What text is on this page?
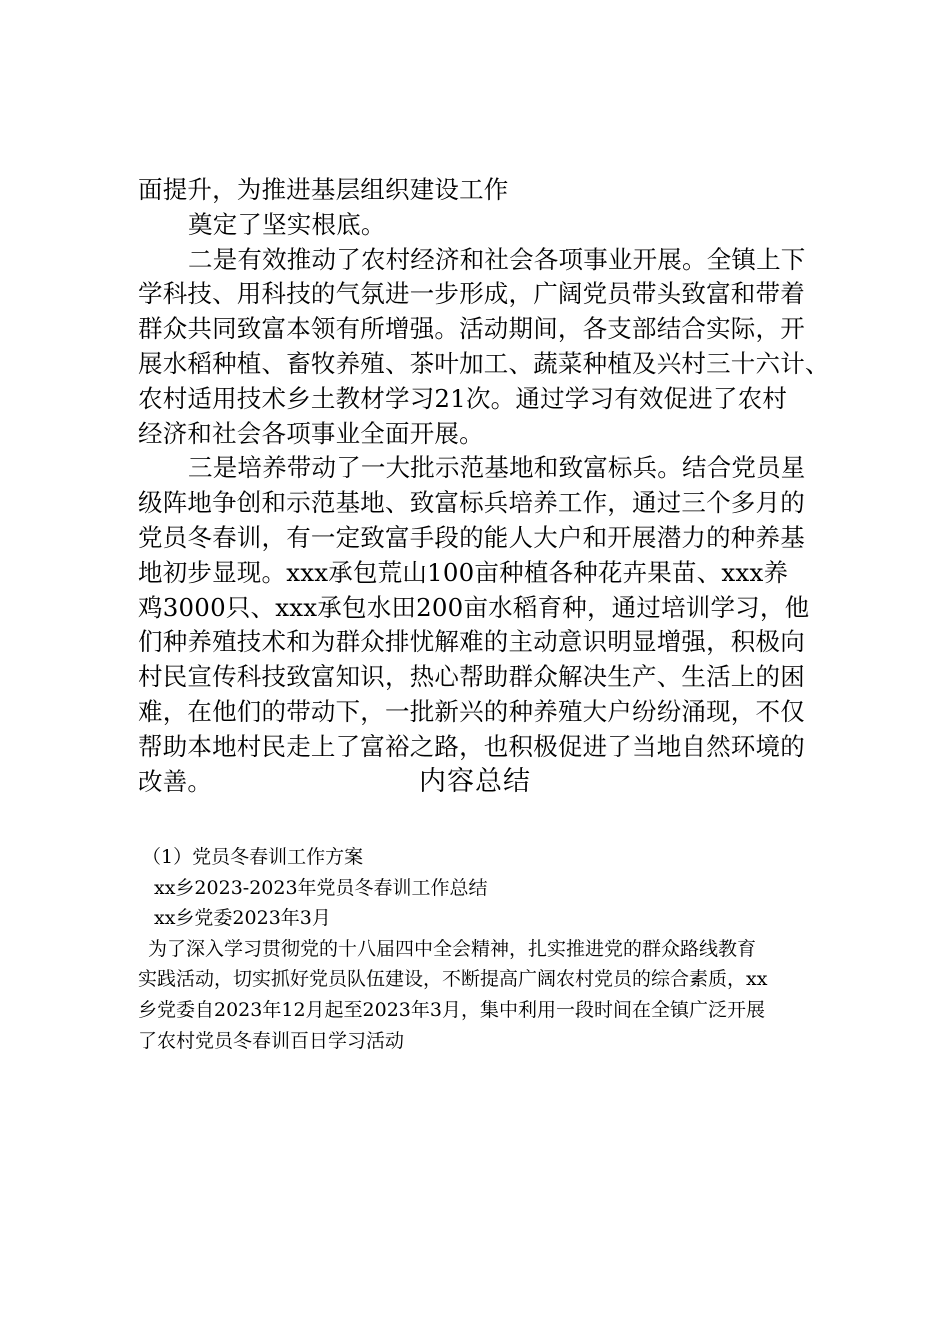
面提升，为推进基层组织建设工作
奠定了坚实根底。
二是有效推动了农村经济和社会各项事业开展。全镇上下
学科技、用科技的气氛进一步形成，广阔党员带头致富和带着
群众共同致富本领有所增强。活动期间，各支部结合实际，开
展水稻种植、畜牧养殖、茶叶加工、蔬菜种植及兴村三十六计、
农村适用技术乡土教材学习21次。通过学习有效促进了农村
经济和社会各项事业全面开展。
三是培养带动了一大批示范基地和致富标兵。结合党员星
级阵地争创和示范基地、致富标兵培养工作，通过三个多月的
党员冬春训，有一定致富手段的能人大户和开展潜力的种养基
地初步显现。xxx承包荒山100亩种植各种花卉果苗、xxx养
鸡3000只、xxx承包水田200亩水稻育种，通过培训学习，他
们种养殖技术和为群众排忧解难的主动意识明显增强，积极向
村民宣传科技致富知识，热心帮助群众解决生产、生活上的困
难，在他们的带动下，一批新兴的种养殖大户纷纷涌现，不仅
帮助本地村民走上了富裕之路，也积极促进了当地自然环境的
改善。	内容总结
（1）党员冬春训工作方案
xx乡2023-2023年党员冬春训工作总结
xx乡党委2023年3月
为了深入学习贯彻党的十八届四中全会精神，扎实推进党的群众路线教育
实践活动，切实抓好党员队伍建设，不断提高广阔农村党员的综合素质，xx
乡党委自2023年12月起至2023年3月，集中利用一段时间在全镇广泛开展
了农村党员冬春训百日学习活动
